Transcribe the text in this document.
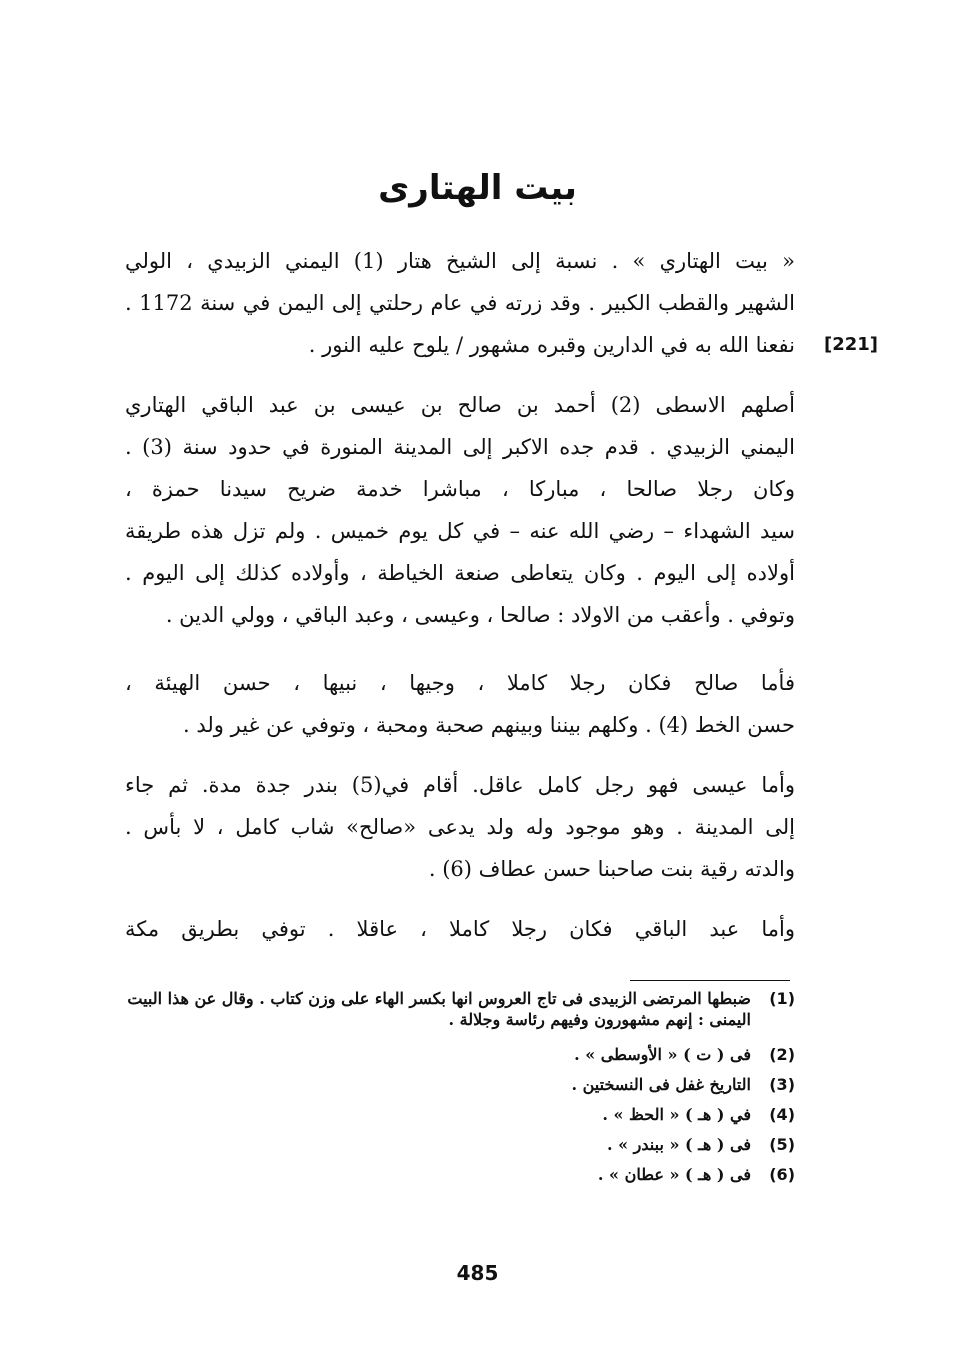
بيت الهتارى
« بيت الهتاري » . نسبة إلى الشيخ هتار (1) اليمني الزبيدي ، الولي
الشهير والقطب الكبير . وقد زرته في عام رحلتي إلى اليمن في سنة 1172 .
نفعنا الله به في الدارين وقبره مشهور / يلوح عليه النور . [221]
أصلهم الاسطى (2) أحمد بن صالح بن عيسى بن عبد الباقي الهتاري
اليمني الزبيدي . قدم جده الاكبر إلى المدينة المنورة في حدود سنة (3) .
وكان رجلا صالحا ، مباركا ، مباشرا خدمة ضريح سيدنا حمزة ،
سيد الشهداء – رضي الله عنه – في كل يوم خميس . ولم تزل هذه طريقة
أولاده إلى اليوم . وكان يتعاطى صنعة الخياطة ، وأولاده كذلك إلى اليوم .
وتوفي . وأعقب من الاولاد : صالحا ، وعيسى ، وعبد الباقي ، وولي الدين .
فأما صالح فكان رجلا كاملا ، وجيها ، نبيها ، حسن الهيئة ،
حسن الخط (4) . وكلهم بيننا وبينهم صحبة ومحبة ، وتوفي عن غير ولد .
وأما عيسى فهو رجل كامل عاقل. أقام في(5) بندر جدة مدة. ثم جاء
إلى المدينة . وهو موجود وله ولد يدعى «صالح» شاب كامل ، لا بأس .
والدته رقية بنت صاحبنا حسن عطاف (6) .
وأما عبد الباقي فكان رجلا كاملا ، عاقلا . توفي بطريق مكة
(1)
ضبطها المرتضى الزبيدى فى تاج العروس انها بكسر الهاء على وزن كتاب . وقال عن هذا البيت اليمنى : إنهم مشهورون وفيهم رئاسة وجلالة .
(2)
فى ( ت ) « الأوسطى » .
(3)
التاريخ غفل فى النسختين .
(4)
في ( هـ ) « الحظ » .
(5)
فى ( هـ ) « ببندر » .
(6)
فى ( هـ ) « عطان » .
485
